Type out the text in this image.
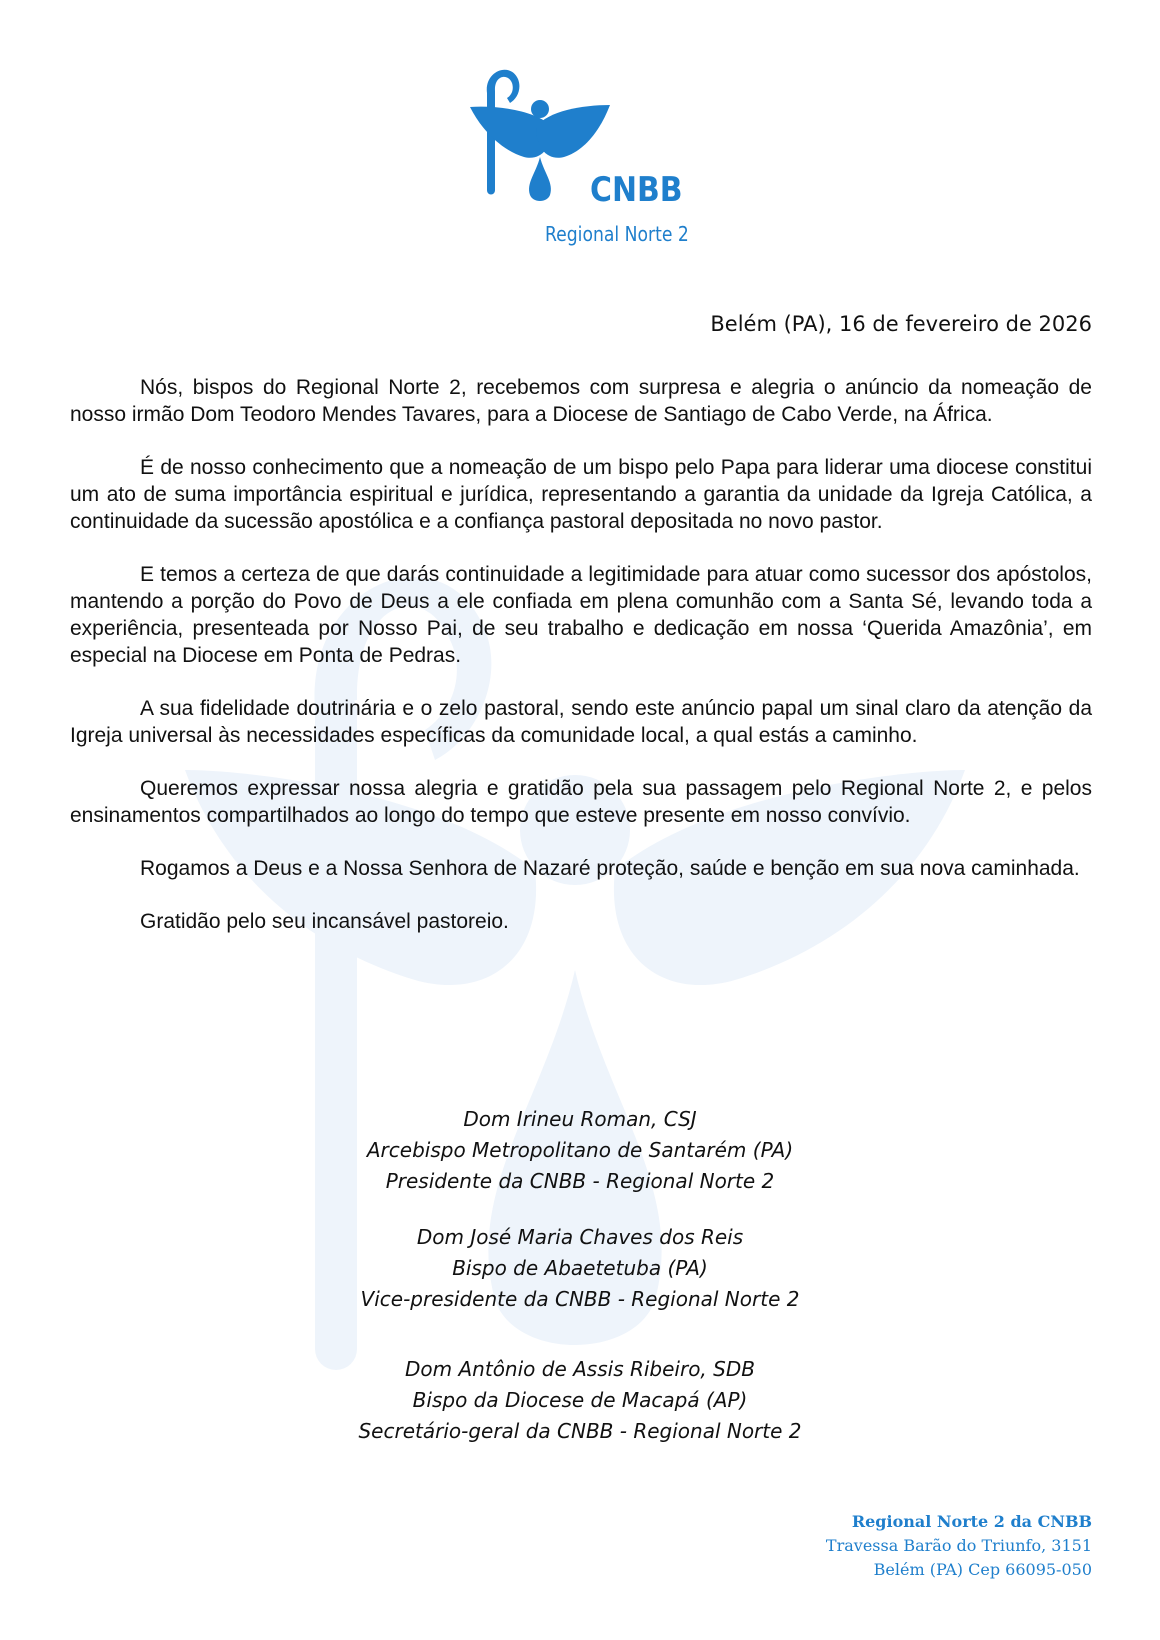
CNBB
Regional Norte 2
Belém (PA), 16 de fevereiro de 2026

Nós, bispos do Regional Norte 2, recebemos com surpresa e alegria o anúncio da nomeação de nosso irmão Dom Teodoro Mendes Tavares, para a Diocese de Santiago de Cabo Verde, na África.

É de nosso conhecimento que a nomeação de um bispo pelo Papa para liderar uma diocese constitui um ato de suma importância espiritual e jurídica, representando a garantia da unidade da Igreja Católica, a continuidade da sucessão apostólica e a confiança pastoral depositada no novo pastor.

E temos a certeza de que darás continuidade a legitimidade para atuar como sucessor dos apóstolos, mantendo a porção do Povo de Deus a ele confiada em plena comunhão com a Santa Sé, levando toda a experiência, presenteada por Nosso Pai, de seu trabalho e dedicação em nossa ‘Querida Amazônia’, em especial na Diocese em Ponta de Pedras.

A sua fidelidade doutrinária e o zelo pastoral, sendo este anúncio papal um sinal claro da atenção da Igreja universal às necessidades específicas da comunidade local, a qual estás a caminho.

Queremos expressar nossa alegria e gratidão pela sua passagem pelo Regional Norte 2, e pelos ensinamentos compartilhados ao longo do tempo que esteve presente em nosso convívio.

Rogamos a Deus e a Nossa Senhora de Nazaré proteção, saúde e benção em sua nova caminhada.

Gratidão pelo seu incansável pastoreio.

Dom Irineu Roman, CSJ
Arcebispo Metropolitano de Santarém (PA)
Presidente da CNBB - Regional Norte 2
Dom José Maria Chaves dos Reis
Bispo de Abaetetuba (PA)
Vice-presidente da CNBB - Regional Norte 2
Dom Antônio de Assis Ribeiro, SDB
Bispo da Diocese de Macapá (AP)
Secretário-geral da CNBB - Regional Norte 2
Regional Norte 2 da CNBB
Travessa Barão do Triunfo, 3151
Belém (PA) Cep 66095-050
